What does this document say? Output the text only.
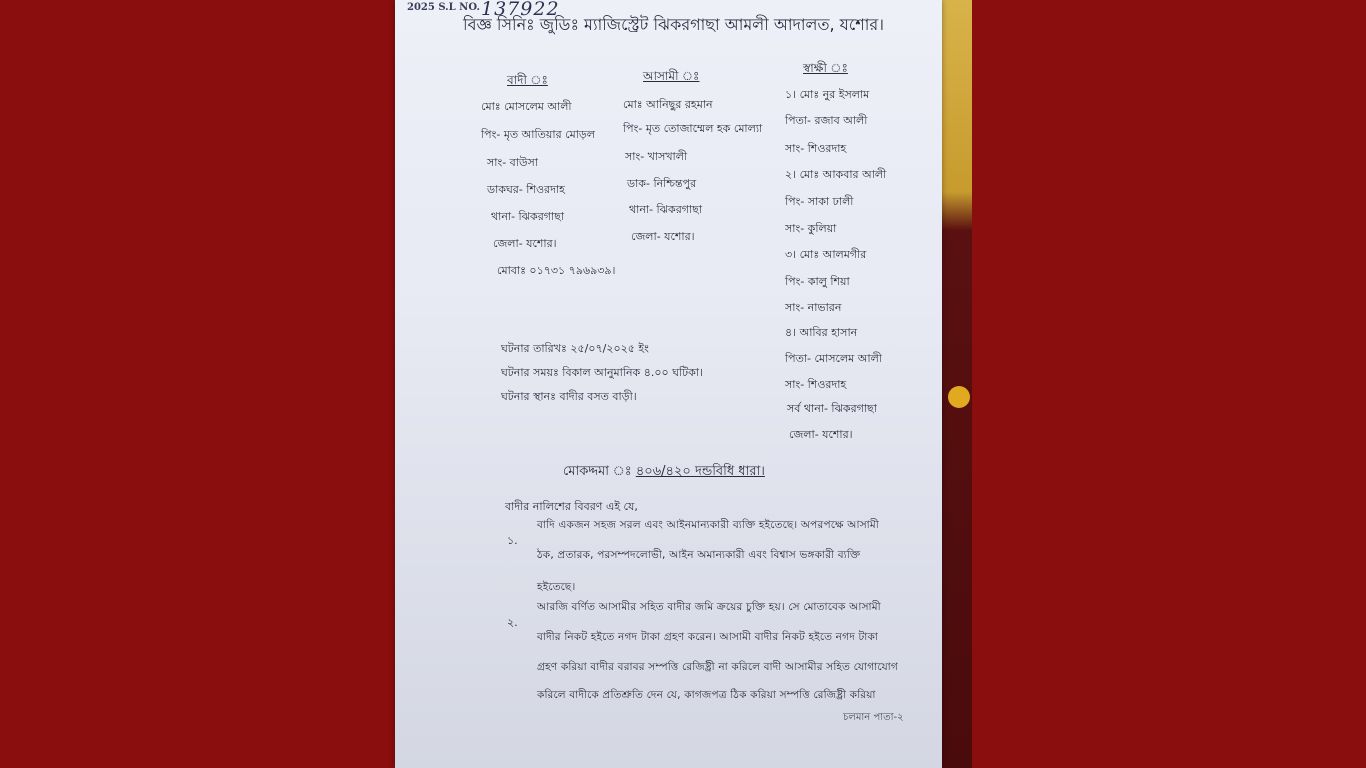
2025 S.L NO. 137922
বিজ্ঞ সিনিঃ জুডিঃ ম্যাজিস্ট্রেট ঝিকরগাছা আমলী আদালত, যশোর।
বাদী ঃ	আসামী ঃ
স্বাক্ষী ঃ
মোঃ মোসলেম আলী
পিং- মৃত আতিয়ার মোড়ল
সাং- বাউসা
ডাকঘর- শিওরদাহ
থানা- ঝিকরগাছা
জেলা- যশোর।
মোবাঃ ০১৭৩১ ৭৯৬৯৩৯।
মোঃ আনিছুর রহমান
পিং- মৃত তোজাম্মেল হক মোল্যা
সাং- খাসখালী
ডাক- নিশ্চিন্তপুর
থানা- ঝিকরগাছা
জেলা- যশোর।
১। মোঃ নুর ইসলাম
পিতা- রজাব আলী
সাং- শিওরদাহ
২। মোঃ আকবার আলী
পিং- সাকা ঢালী
সাং- কুলিয়া
৩। মোঃ আলমগীর
পিং- কালু শিয়া
সাং- নাভারন
৪। আবির হাসান
পিতা- মোসলেম আলী
সাং- শিওরদাহ
সর্ব থানা- ঝিকরগাছা
জেলা- যশোর।
ঘটনার তারিখঃ ২৫/০৭/২০২৫ ইং
ঘটনার সময়ঃ বিকাল আনুমানিক ৪.০০ ঘটিকা।
ঘটনার স্থানঃ বাদীর বসত বাড়ী।
মোকদ্দমা ঃ ৪০৬/৪২০ দন্ডবিধি ধারা।
বাদীর নালিশের বিবরণ এই যে,
১.
বাদি একজন সহজ সরল এবং আইনমান্যকারী ব্যক্তি হইতেছে। অপরপক্ষে আসামী
ঠক, প্রতারক, পরসম্পদলোভী, আইন অমান্যকারী এবং বিশ্বাস ভঙ্গকারী ব্যক্তি
হইতেছে।
২.
আরজি বর্ণিত আসামীর সহিত বাদীর জমি ক্রয়ের চুক্তি হয়। সে মোতাবেক আসামী
বাদীর নিকট হইতে নগদ টাকা গ্রহণ করেন। আসামী বাদীর নিকট হইতে নগদ টাকা
গ্রহণ করিয়া বাদীর বরাবর সম্পত্তি রেজিষ্ট্রী না করিলে বাদী আসামীর সহিত যোগাযোগ
করিলে বাদীকে প্রতিশ্রুতি দেন যে, কাগজপত্র ঠিক করিয়া সম্পত্তি রেজিষ্ট্রী করিয়া
চলমান পাতা-২
